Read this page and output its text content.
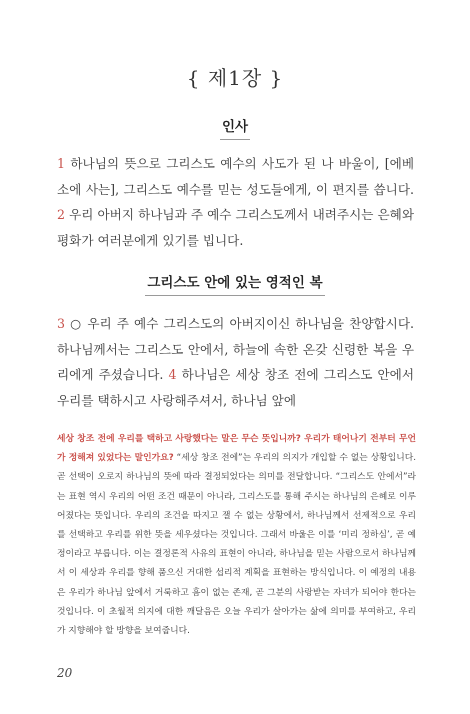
{ 제1장 }
인사
1 하나님의 뜻으로 그리스도 예수의 사도가 된 나 바울이, [에베소에 사는], 그리스도 예수를 믿는 성도들에게, 이 편지를 씁니다. 2 우리 아버지 하나님과 주 예수 그리스도께서 내려주시는 은혜와 평화가 여러분에게 있기를 빕니다.
그리스도 안에 있는 영적인 복
3 ○ 우리 주 예수 그리스도의 아버지이신 하나님을 찬양합시다. 하나님께서는 그리스도 안에서, 하늘에 속한 온갖 신령한 복을 우리에게 주셨습니다. 4 하나님은 세상 창조 전에 그리스도 안에서 우리를 택하시고 사랑해주셔서, 하나님 앞에
세상 창조 전에 우리를 택하고 사랑했다는 말은 무슨 뜻입니까? 우리가 태어나기 전부터 무언가 정해져 있었다는 말인가요? “세상 창조 전에”는 우리의 의지가 개입할 수 없는 상황입니다. 곧 선택이 오로지 하나님의 뜻에 따라 결정되었다는 의미를 전달합니다. “그리스도 안에서”라는 표현 역시 우리의 어떤 조건 때문이 아니라, 그리스도를 통해 주시는 하나님의 은혜로 이루어졌다는 뜻입니다. 우리의 조건을 따지고 잴 수 없는 상황에서, 하나님께서 선제적으로 우리를 선택하고 우리를 위한 뜻을 세우셨다는 것입니다. 그래서 바울은 이를 ‘미리 정하심’, 곧 예정이라고 부릅니다. 이는 결정론적 사유의 표현이 아니라, 하나님을 믿는 사람으로서 하나님께서 이 세상과 우리를 향해 품으신 거대한 섭리적 계획을 표현하는 방식입니다. 이 예정의 내용은 우리가 하나님 앞에서 거룩하고 흠이 없는 존재, 곧 그분의 사랑받는 자녀가 되어야 한다는 것입니다. 이 초월적 의지에 대한 깨달음은 오늘 우리가 살아가는 삶에 의미를 부여하고, 우리가 지향해야 할 방향을 보여줍니다.
20
